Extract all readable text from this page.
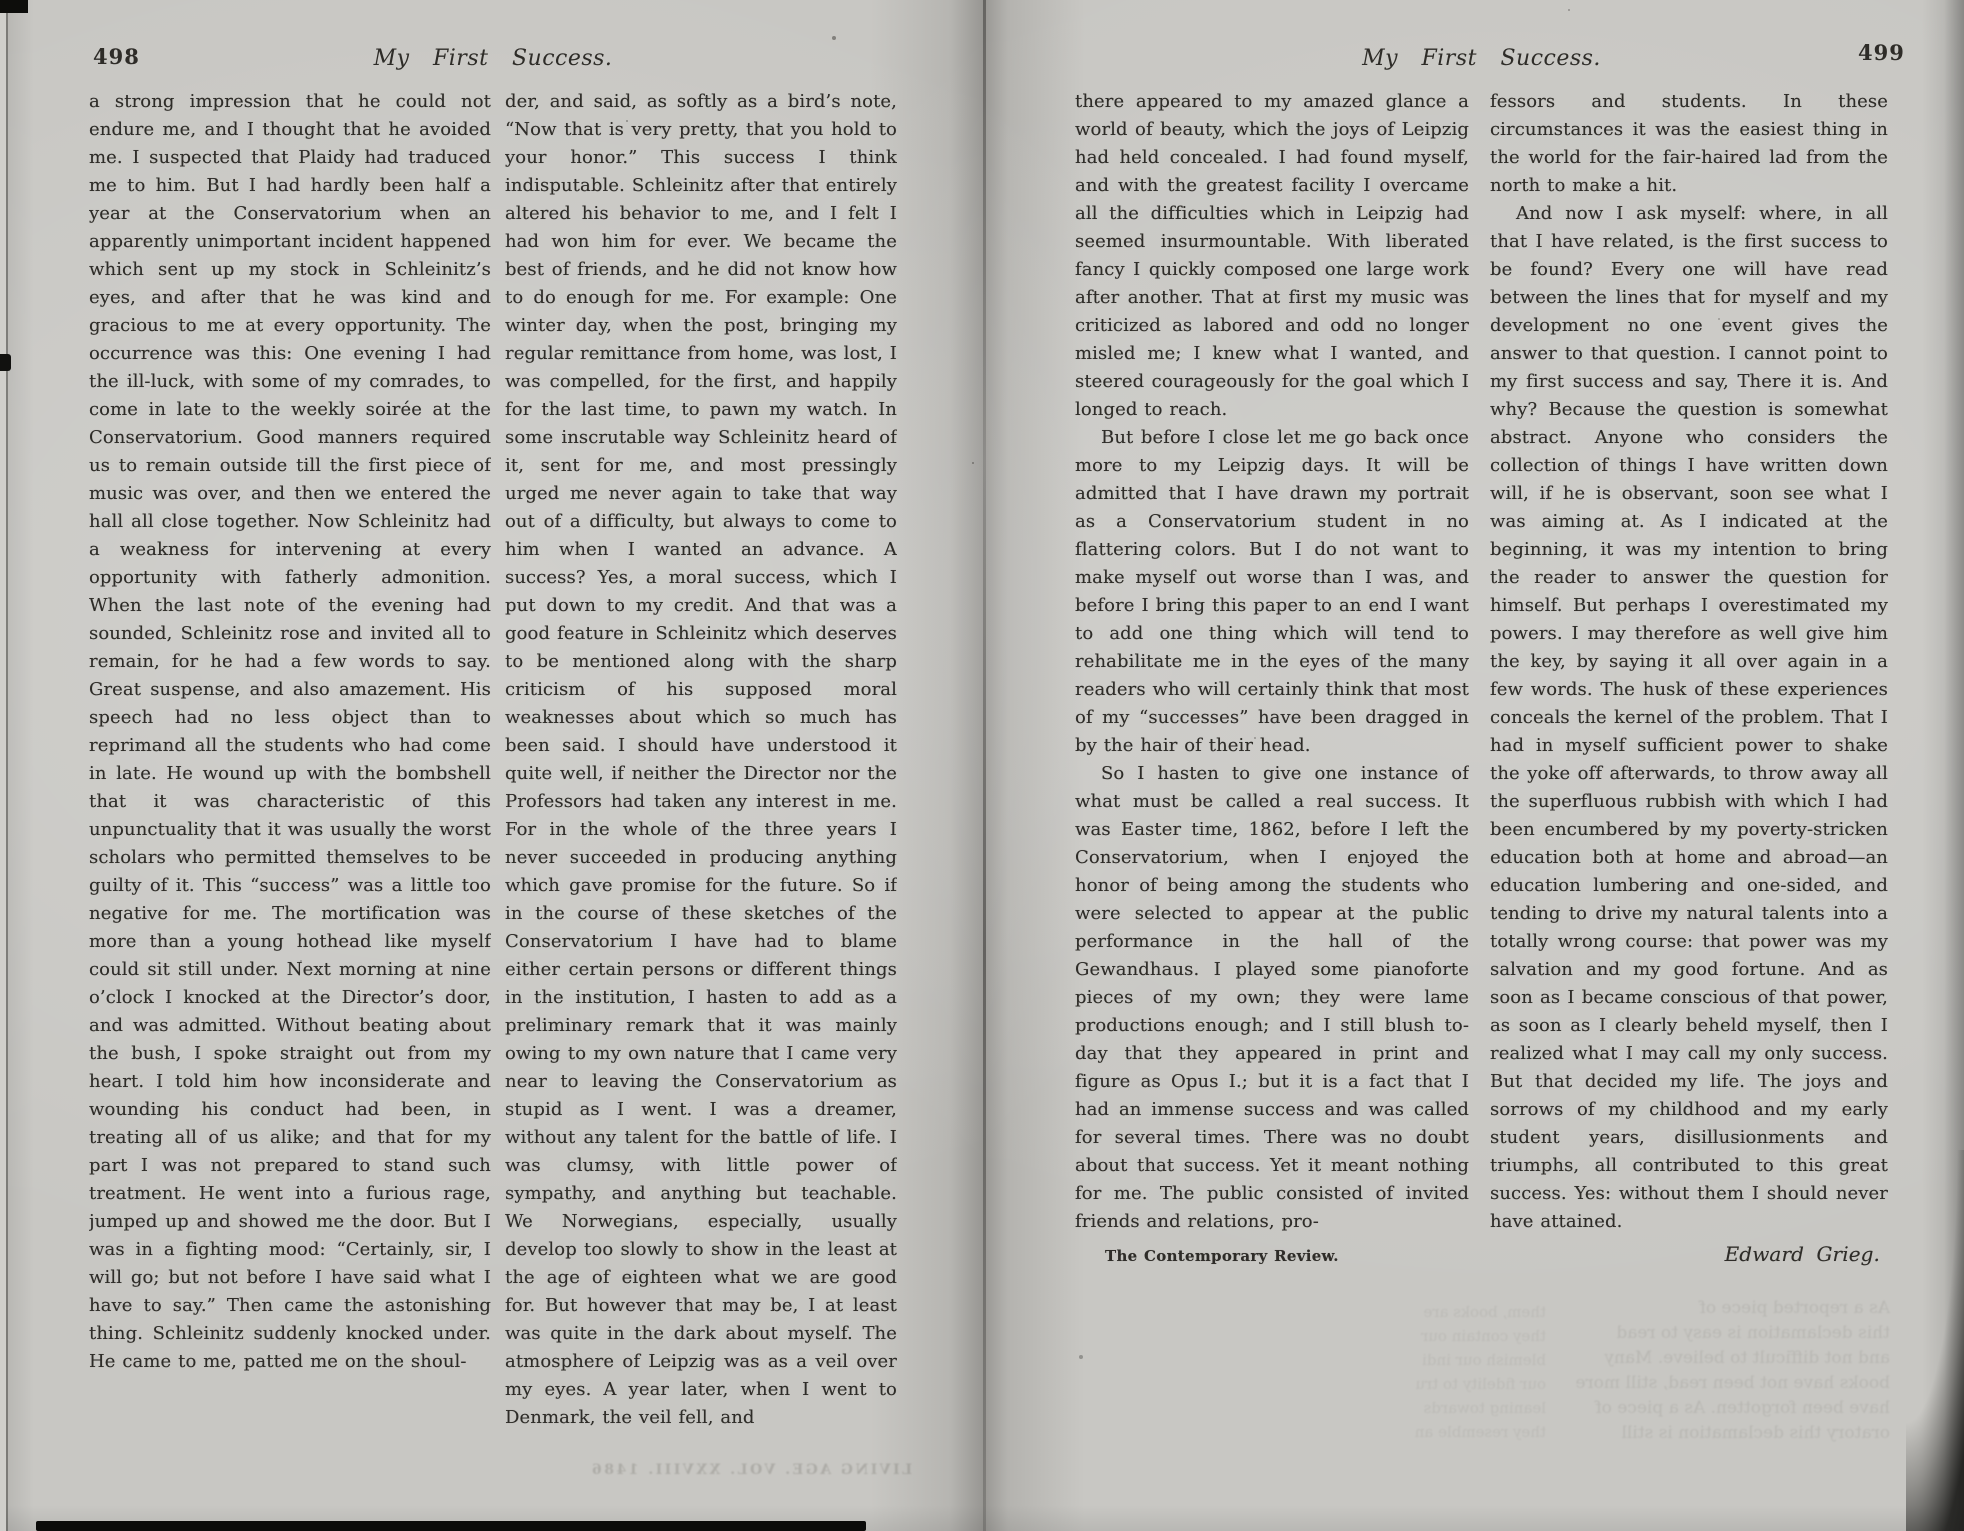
498	My First Success.

a strong impression that he could not endure me, and I thought that he avoided me. I suspected that Plaidy had traduced me to him. But I had hardly been half a year at the Conservatorium when an apparently unimportant incident happened which sent up my stock in Schleinitz’s eyes, and after that he was kind and gracious to me at every opportunity. The occurrence was this: One evening I had the ill-luck, with some of my comrades, to come in late to the weekly soirée at the Conservatorium. Good manners required us to remain outside till the first piece of music was over, and then we entered the hall all close together. Now Schleinitz had a weakness for intervening at every opportunity with fatherly admonition. When the last note of the evening had sounded, Schleinitz rose and invited all to remain, for he had a few words to say. Great suspense, and also amazement. His speech had no less object than to reprimand all the students who had come in late. He wound up with the bombshell that it was characteristic of this unpunctuality that it was usually the worst scholars who permitted themselves to be guilty of it. This “success” was a little too negative for me. The mortification was more than a young hothead like myself could sit still under. Next morning at nine o’clock I knocked at the Director’s door, and was admitted. Without beating about the bush, I spoke straight out from my heart. I told him how inconsiderate and wounding his conduct had been, in treating all of us alike; and that for my part I was not prepared to stand such treatment. He went into a furious rage, jumped up and showed me the door. But I was in a fighting mood: “Certainly, sir, I will go; but not before I have said what I have to say.” Then came the astonishing thing. Schleinitz suddenly knocked under. He came to me, patted me on the shoul-

der, and said, as softly as a bird’s note, “Now that is very pretty, that you hold to your honor.” This success I think indisputable. Schleinitz after that entirely altered his behavior to me, and I felt I had won him for ever. We became the best of friends, and he did not know how to do enough for me. For example: One winter day, when the post, bringing my regular remittance from home, was lost, I was compelled, for the first, and happily for the last time, to pawn my watch. In some inscrutable way Schleinitz heard of it, sent for me, and most pressingly urged me never again to take that way out of a difficulty, but always to come to him when I wanted an advance. A success? Yes, a moral success, which I put down to my credit. And that was a good feature in Schleinitz which deserves to be mentioned along with the sharp criticism of his supposed moral weaknesses about which so much has been said. I should have understood it quite well, if neither the Director nor the Professors had taken any interest in me. For in the whole of the three years I never succeeded in producing anything which gave promise for the future. So if in the course of these sketches of the Conservatorium I have had to blame either certain persons or different things in the institution, I hasten to add as a preliminary remark that it was mainly owing to my own nature that I came very near to leaving the Conservatorium as stupid as I went. I was a dreamer, without any talent for the battle of life. I was clumsy, with little power of sympathy, and anything but teachable. We Norwegians, especially, usually develop too slowly to show in the least at the age of eighteen what we are good for. But however that may be, I at least was quite in the dark about myself. The atmosphere of Leipzig was as a veil over my eyes. A year later, when I went to Denmark, the veil fell, and

499
My First Success.

there appeared to my amazed glance a world of beauty, which the joys of Leipzig had held concealed. I had found myself, and with the greatest facility I overcame all the difficulties which in Leipzig had seemed insurmountable. With liberated fancy I quickly composed one large work after another. That at first my music was criticized as labored and odd no longer misled me; I knew what I wanted, and steered courageously for the goal which I longed to reach.

But before I close let me go back once more to my Leipzig days. It will be admitted that I have drawn my portrait as a Conservatorium student in no flattering colors. But I do not want to make myself out worse than I was, and before I bring this paper to an end I want to add one thing which will tend to rehabilitate me in the eyes of the many readers who will certainly think that most of my “successes” have been dragged in by the hair of their head.

So I hasten to give one instance of what must be called a real success. It was Easter time, 1862, before I left the Conservatorium, when I enjoyed the honor of being among the students who were selected to appear at the public performance in the hall of the Gewandhaus. I played some pianoforte pieces of my own; they were lame productions enough; and I still blush to-day that they appeared in print and figure as Opus I.; but it is a fact that I had an immense success and was called for several times. There was no doubt about that success. Yet it meant nothing for me. The public consisted of invited friends and relations, pro-

The Contemporary Review.

fessors and students. In these circumstances it was the easiest thing in the world for the fair-haired lad from the north to make a hit.

And now I ask myself: where, in all that I have related, is the first success to be found? Every one will have read between the lines that for myself and my development no one event gives the answer to that question. I cannot point to my first success and say, There it is. And why? Because the question is somewhat abstract. Anyone who considers the collection of things I have written down will, if he is observant, soon see what I was aiming at. As I indicated at the beginning, it was my intention to bring the reader to answer the question for himself. But perhaps I overestimated my powers. I may therefore as well give him the key, by saying it all over again in a few words. The husk of these experiences conceals the kernel of the problem. That I had in myself sufficient power to shake the yoke off afterwards, to throw away all the superfluous rubbish with which I had been encumbered by my poverty-stricken education both at home and abroad—an education lumbering and one-sided, and tending to drive my natural talents into a totally wrong course: that power was my salvation and my good fortune. And as soon as I became conscious of that power, as soon as I clearly beheld myself, then I realized what I may call my only success. But that decided my life. The joys and sorrows of my childhood and my early student years, disillusionments and triumphs, all contributed to this great success. Yes: without them I should never have attained.

Edward Grieg.
As a reported piece of
this declamation is easy to read
and not difficult to believe. Many
books have not been read, still more
have been forgotten. As a piece of
oratory this declamation is still
them, books are
they contain our
blemish our indi
our fidelity to tru
leaning towards
they resemble an
LIVING AGE. VOL. XXVIII. 1486
